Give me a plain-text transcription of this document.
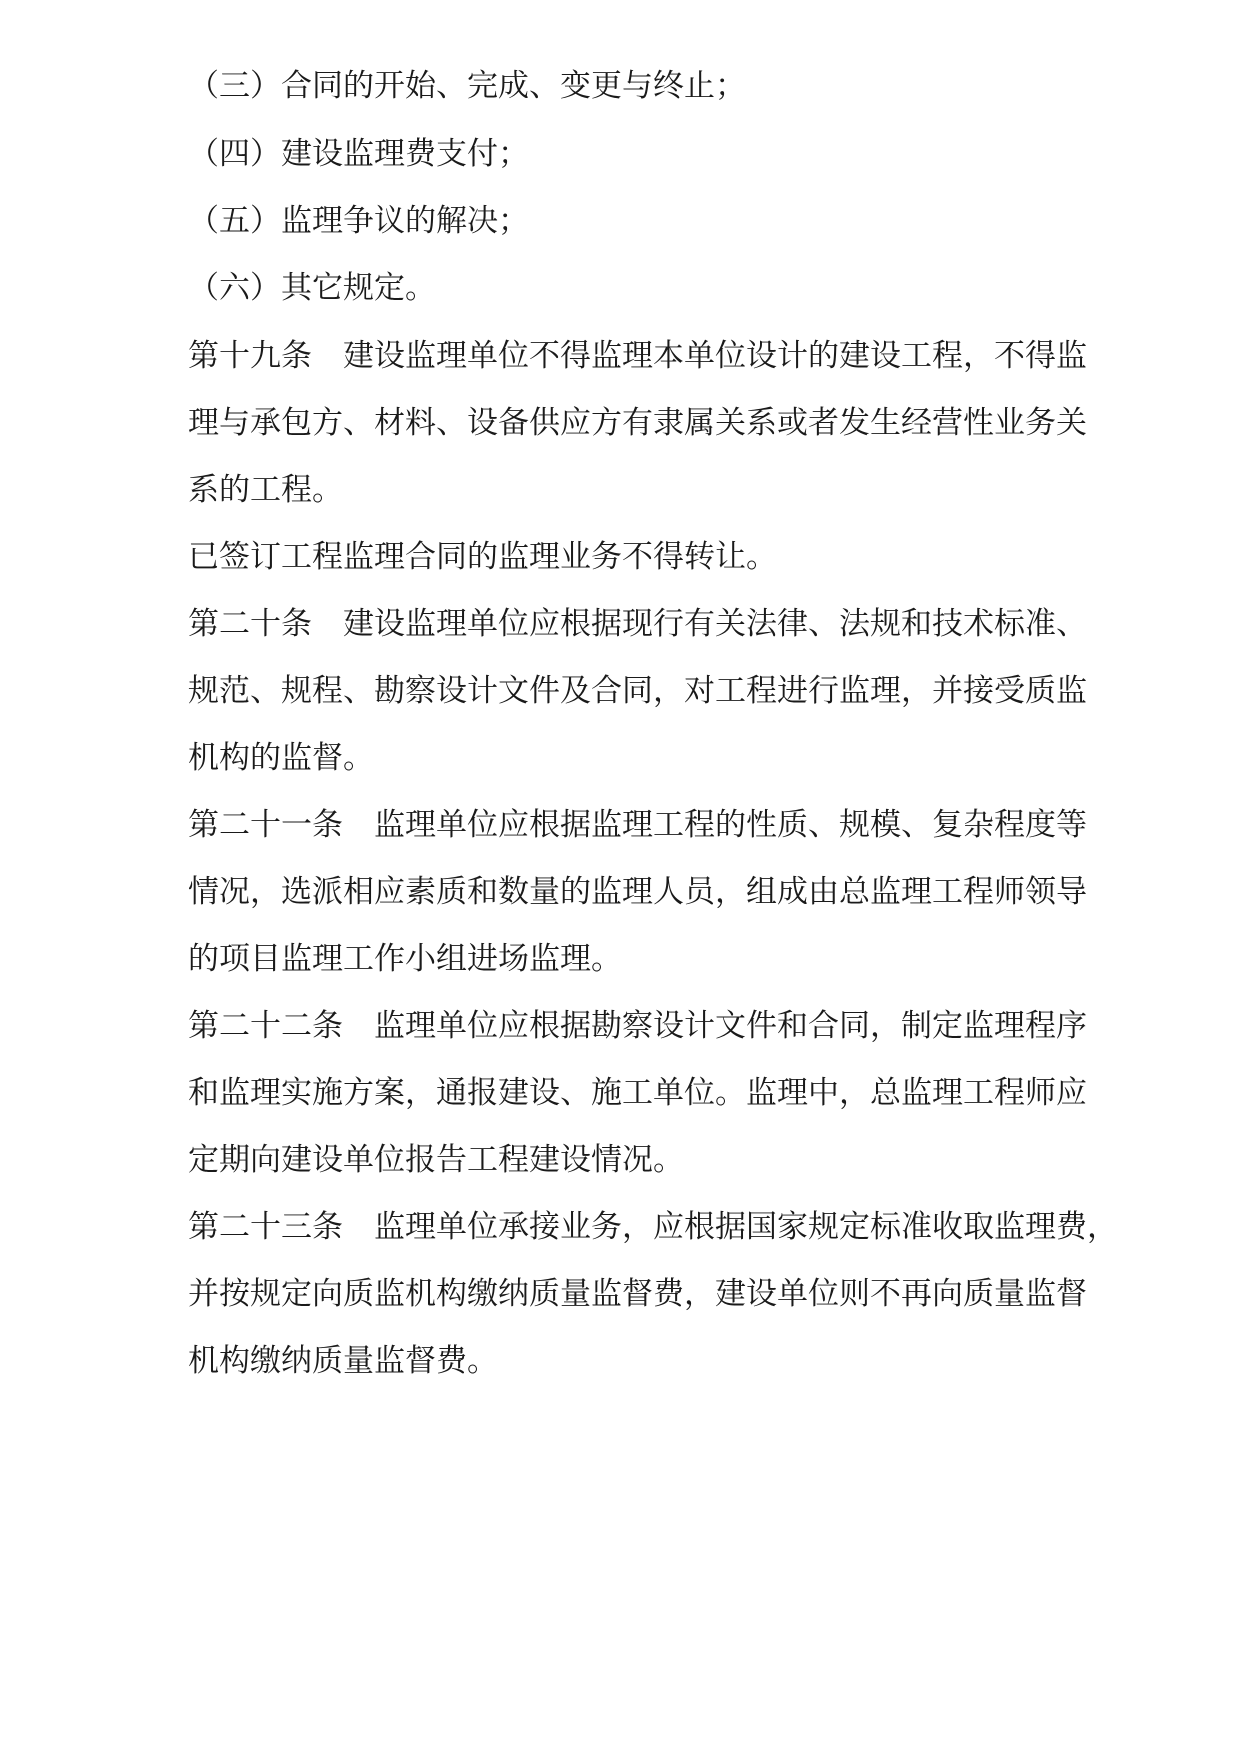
（三）合同的开始、完成、变更与终止；
（四）建设监理费支付；
（五）监理争议的解决；
（六）其它规定。
第十九条　建设监理单位不得监理本单位设计的建设工程，不得监
理与承包方、材料、设备供应方有隶属关系或者发生经营性业务关
系的工程。
已签订工程监理合同的监理业务不得转让。
第二十条　建设监理单位应根据现行有关法律、法规和技术标准、
规范、规程、勘察设计文件及合同，对工程进行监理，并接受质监
机构的监督。
第二十一条　监理单位应根据监理工程的性质、规模、复杂程度等
情况，选派相应素质和数量的监理人员，组成由总监理工程师领导
的项目监理工作小组进场监理。
第二十二条　监理单位应根据勘察设计文件和合同，制定监理程序
和监理实施方案，通报建设、施工单位。监理中，总监理工程师应
定期向建设单位报告工程建设情况。
第二十三条　监理单位承接业务，应根据国家规定标准收取监理费，
并按规定向质监机构缴纳质量监督费，建设单位则不再向质量监督
机构缴纳质量监督费。
